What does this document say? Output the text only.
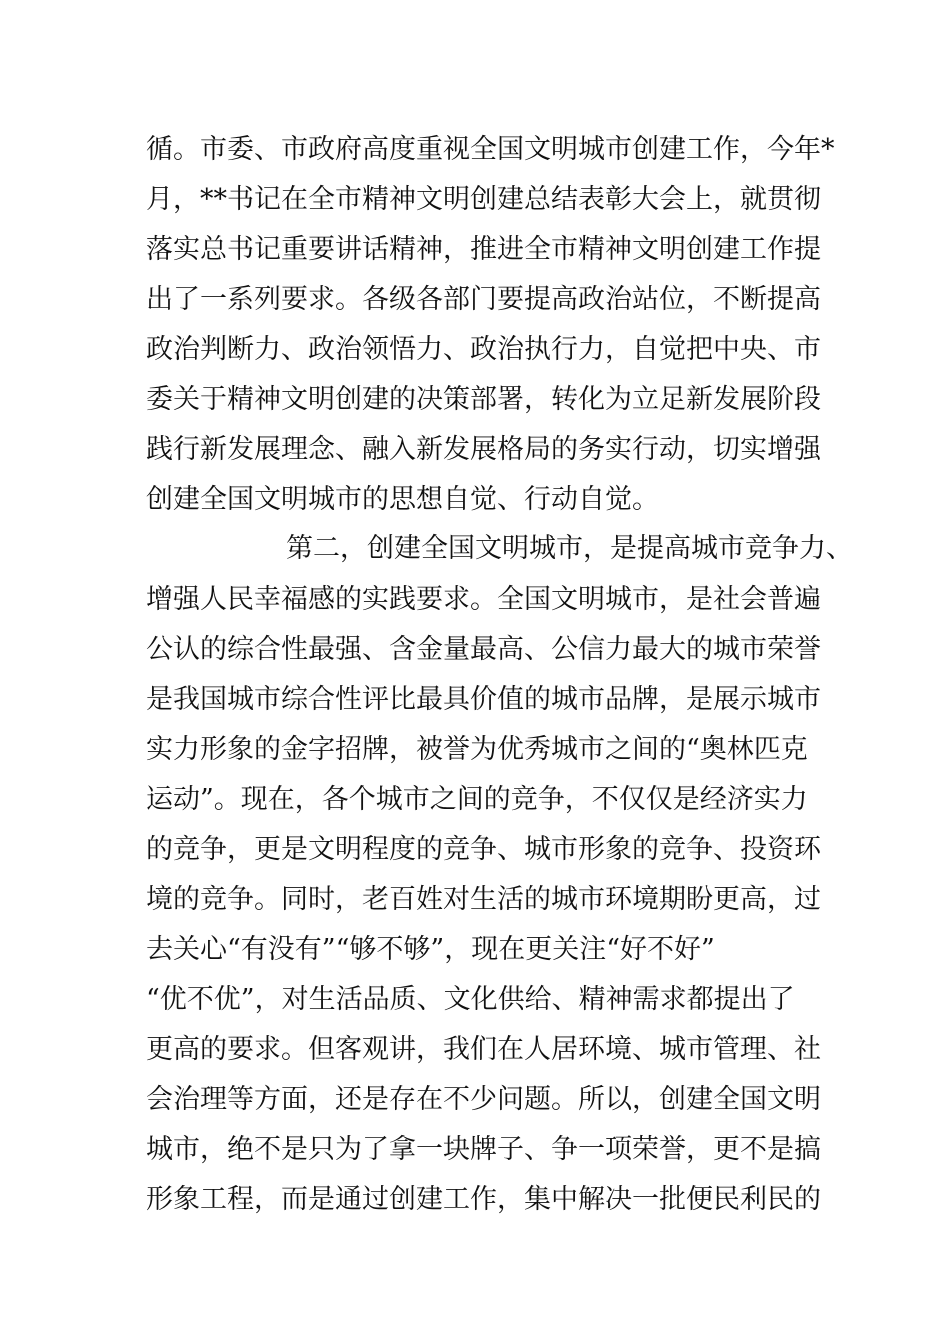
循。市委、市政府高度重视全国文明城市创建工作，今年*
月，**书记在全市精神文明创建总结表彰大会上，就贯彻
落实总书记重要讲话精神，推进全市精神文明创建工作提
出了一系列要求。各级各部门要提高政治站位，不断提高
政治判断力、政治领悟力、政治执行力，自觉把中央、市
委关于精神文明创建的决策部署，转化为立足新发展阶段
践行新发展理念、融入新发展格局的务实行动，切实增强
创建全国文明城市的思想自觉、行动自觉。
第二，创建全国文明城市，是提高城市竞争力、
增强人民幸福感的实践要求。全国文明城市，是社会普遍
公认的综合性最强、含金量最高、公信力最大的城市荣誉
是我国城市综合性评比最具价值的城市品牌，是展示城市
实力形象的金字招牌，被誉为优秀城市之间的“奥林匹克
运动”。现在，各个城市之间的竞争，不仅仅是经济实力
的竞争，更是文明程度的竞争、城市形象的竞争、投资环
境的竞争。同时，老百姓对生活的城市环境期盼更高，过
去关心“有没有”“够不够”，现在更关注“好不好”
“优不优”，对生活品质、文化供给、精神需求都提出了
更高的要求。但客观讲，我们在人居环境、城市管理、社
会治理等方面，还是存在不少问题。所以，创建全国文明
城市，绝不是只为了拿一块牌子、争一项荣誉，更不是搞
形象工程，而是通过创建工作，集中解决一批便民利民的
